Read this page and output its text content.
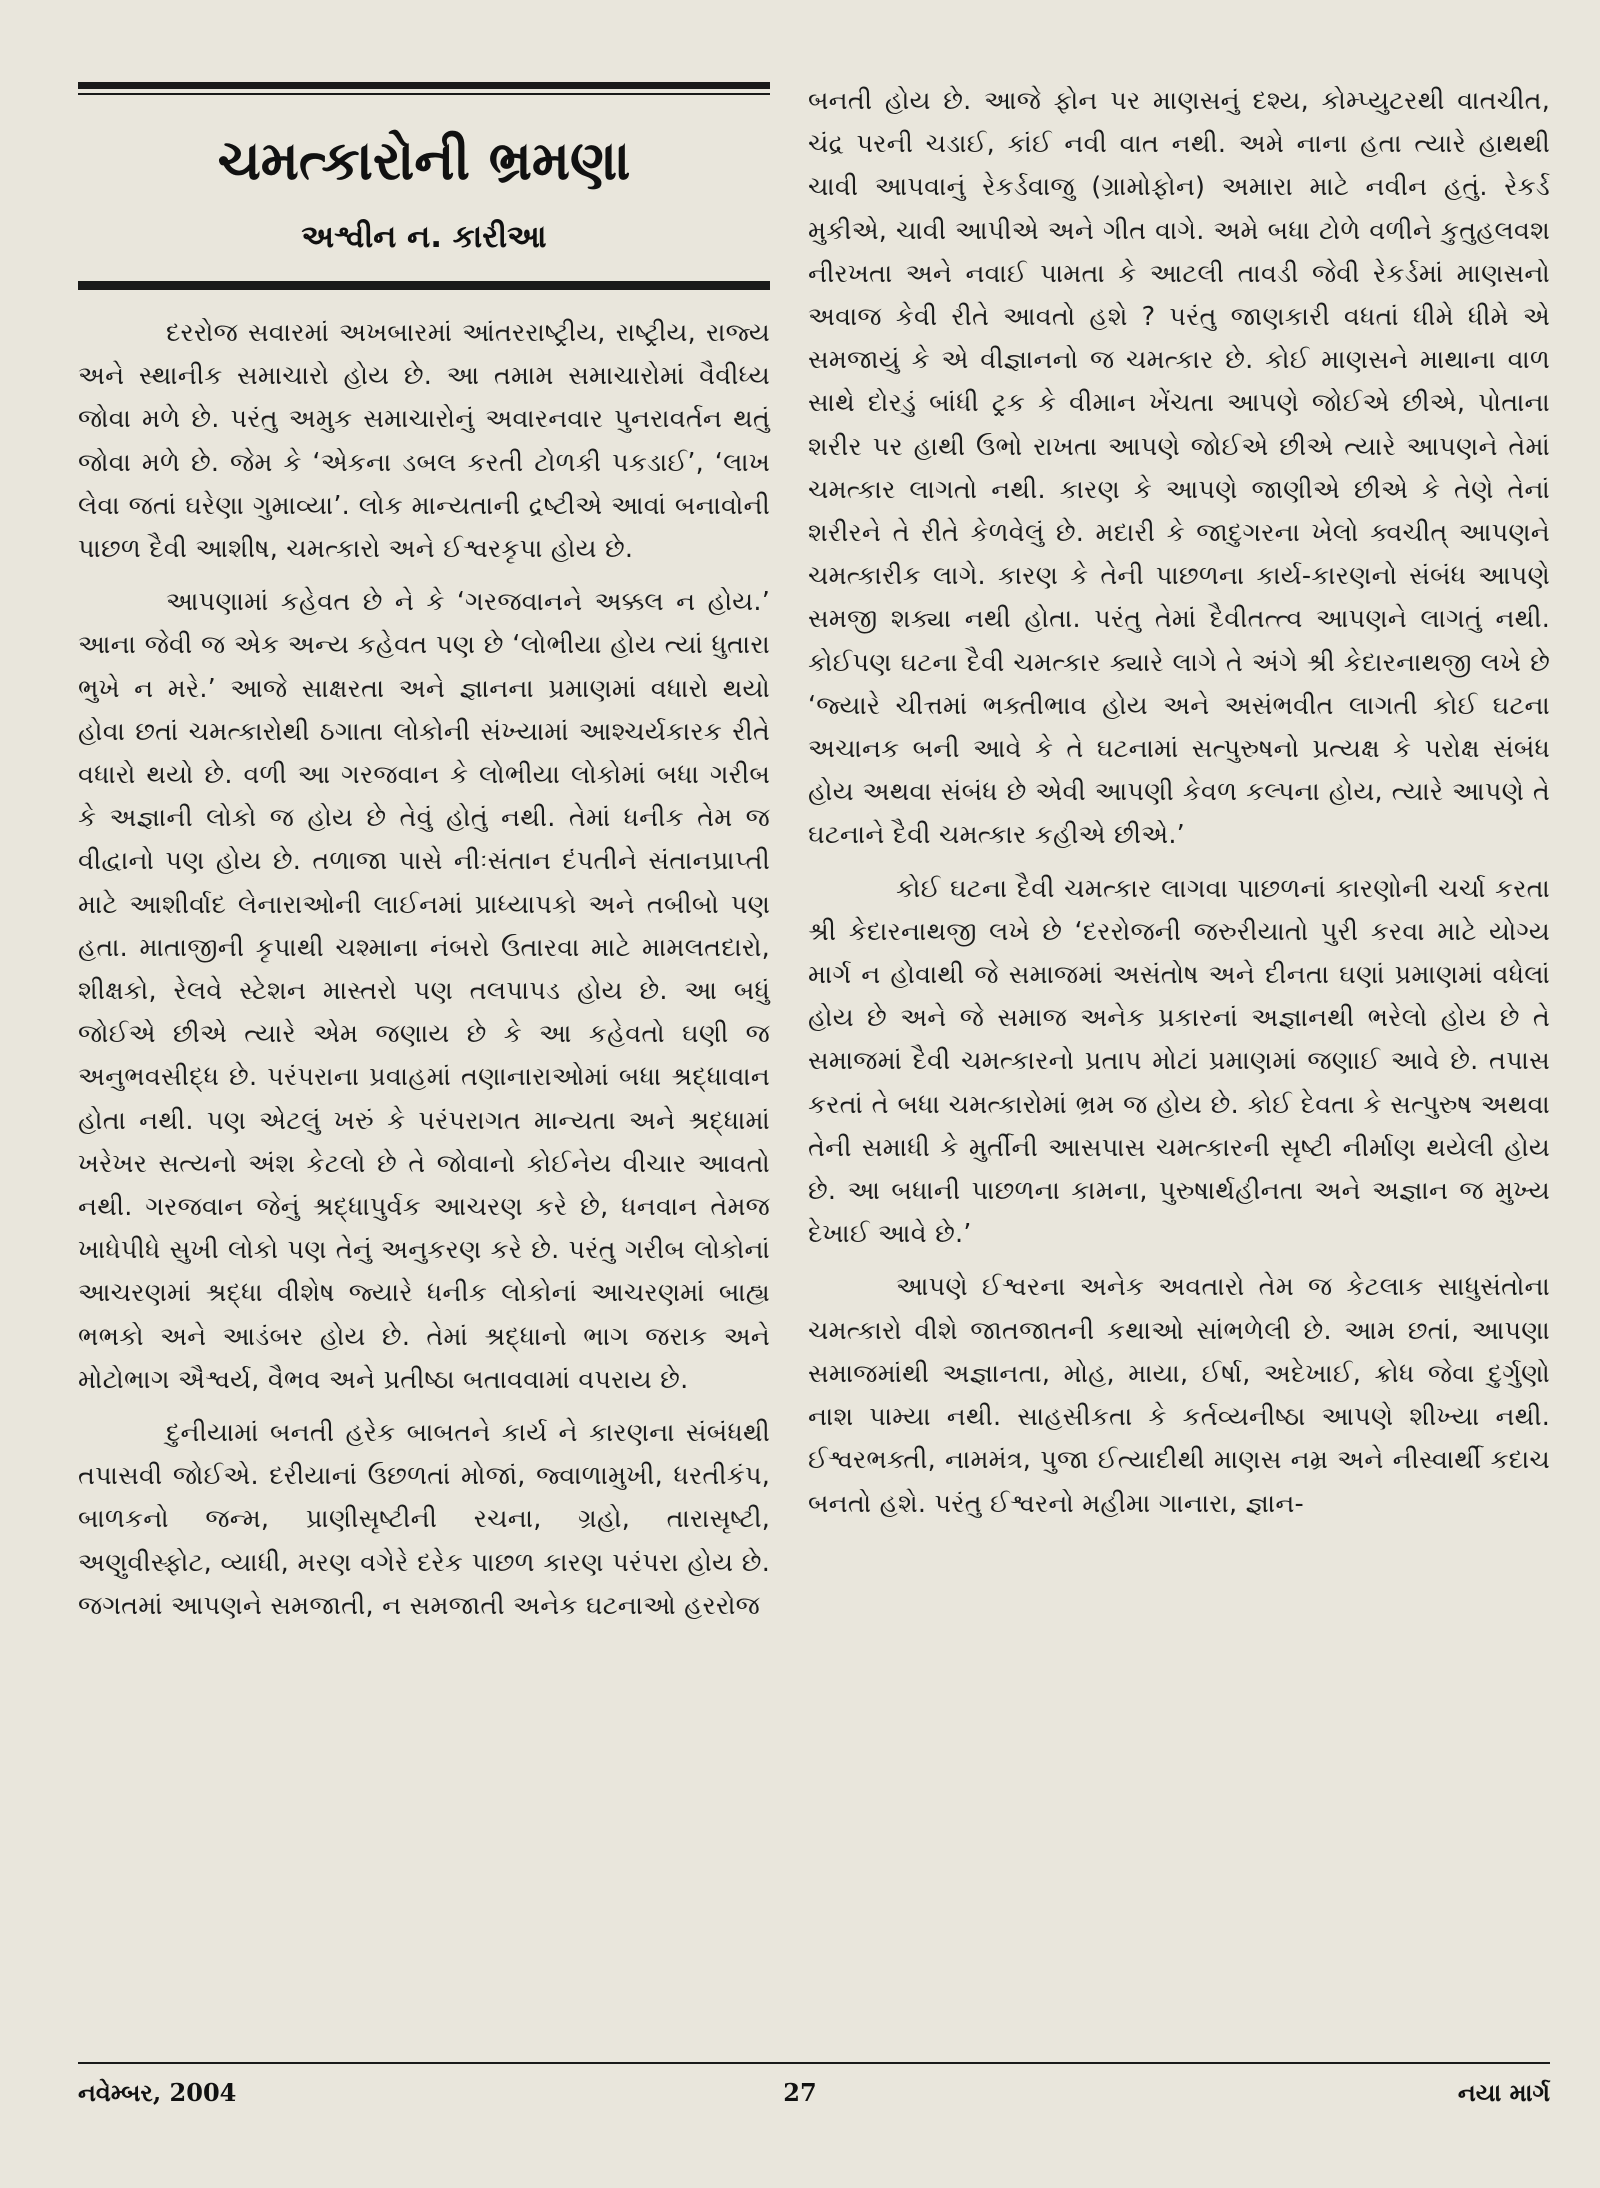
ચમત્કારોની ભ્રમણા
અશ્વીન ન. કારીઆ

દરરોજ સવારમાં અખબારમાં આંતરરાષ્ટ્રીય, રાષ્ટ્રીય, રાજ્ય અને સ્થાનીક સમાચારો હોય છે. આ તમામ સમાચારોમાં વૈવીધ્ય જોવા મળે છે. પરંતુ અમુક સમાચારોનું અવારનવાર પુનરાવર્તન થતું જોવા મળે છે. જેમ કે ‘એકના ડબલ કરતી ટોળકી પકડાઈ’, ‘લાખ લેવા જતાં ઘરેણા ગુમાવ્યા’. લોક માન્યતાની દ્રષ્ટીએ આવાં બનાવોની પાછળ દૈવી આશીષ, ચમત્કારો અને ઈશ્વરકૃપા હોય છે.

આપણામાં કહેવત છે ને કે ‘ગરજવાનને અક્કલ ન હોય.’ આના જેવી જ એક અન્ય કહેવત પણ છે ‘લોભીયા હોય ત્યાં ધુતારા ભુખે ન મરે.’ આજે સાક્ષરતા અને જ્ઞાનના પ્રમાણમાં વધારો થયો હોવા છતાં ચમત્કારોથી ઠગાતા લોકોની સંખ્યામાં આશ્ચર્યકારક રીતે વધારો થયો છે. વળી આ ગરજવાન કે લોભીયા લોકોમાં બધા ગરીબ કે અજ્ઞાની લોકો જ હોય છે તેવું હોતું નથી. તેમાં ધનીક તેમ જ વીદ્વાનો પણ હોય છે. તળાજા પાસે નીઃસંતાન દંપતીને સંતાનપ્રાપ્તી માટે આશીર્વાદ લેનારાઓની લાઈનમાં પ્રાધ્યાપકો અને તબીબો પણ હતા. માતાજીની કૃપાથી ચશ્માના નંબરો ઉતારવા માટે મામલતદારો, શીક્ષકો, રેલવે સ્ટેશન માસ્તરો પણ તલપાપડ હોય છે. આ બધું જોઈએ છીએ ત્યારે એમ જણાય છે કે આ કહેવતો ઘણી જ અનુભવસીદ્ધ છે. પરંપરાના પ્રવાહમાં તણાનારાઓમાં બધા શ્રદ્ધાવાન હોતા નથી. પણ એટલું ખરું કે પરંપરાગત માન્યતા અને શ્રદ્ધામાં ખરેખર સત્યનો અંશ કેટલો છે તે જોવાનો કોઈનેય વીચાર આવતો નથી. ગરજવાન જેનું શ્રદ્ધાપુર્વક આચરણ કરે છે, ધનવાન તેમજ ખાધેપીધે સુખી લોકો પણ તેનું અનુકરણ કરે છે. પરંતુ ગરીબ લોકોનાં આચરણમાં શ્રદ્ધા વીશેષ જ્યારે ધનીક લોકોનાં આચરણમાં બાહ્ય ભભકો અને આડંબર હોય છે. તેમાં શ્રદ્ધાનો ભાગ જરાક અને મોટોભાગ ઐશ્વર્ય, વૈભવ અને પ્રતીષ્ઠા બતાવવામાં વપરાય છે.

દુનીયામાં બનતી હરેક બાબતને કાર્ય ને કારણના સંબંધથી તપાસવી જોઈએ. દરીયાનાં ઉછળતાં મોજાં, જ્વાળામુખી, ધરતીકંપ, બાળકનો જન્મ, પ્રાણીસૃષ્ટીની રચના, ગ્રહો, તારાસૃષ્ટી, અણુવીસ્ફોટ, વ્યાધી, મરણ વગેરે દરેક પાછળ કારણ પરંપરા હોય છે. જગતમાં આપણને સમજાતી, ન સમજાતી અનેક ઘટનાઓ હરરોજ

બનતી હોય છે. આજે ફોન પર માણસનું દશ્ય, કોમ્પ્યુટરથી વાતચીત, ચંદ્ર પરની ચડાઈ, કાંઈ નવી વાત નથી. અમે નાના હતા ત્યારે હાથથી ચાવી આપવાનું રેકર્ડવાજુ (ગ્રામોફોન) અમારા માટે નવીન હતું. રેકર્ડ મુકીએ, ચાવી આપીએ અને ગીત વાગે. અમે બધા ટોળે વળીને કુતુહલવશ નીરખતા અને નવાઈ પામતા કે આટલી તાવડી જેવી રેકર્ડમાં માણસનો અવાજ કેવી રીતે આવતો હશે ? પરંતુ જાણકારી વધતાં ધીમે ધીમે એ સમજાયું કે એ વીજ્ઞાનનો જ ચમત્કાર છે. કોઈ માણસને માથાના વાળ સાથે દોરડું બાંધી ટ્રક કે વીમાન ખેંચતા આપણે જોઈએ છીએ, પોતાના શરીર પર હાથી ઉભો રાખતા આપણે જોઈએ છીએ ત્યારે આપણને તેમાં ચમત્કાર લાગતો નથી. કારણ કે આપણે જાણીએ છીએ કે તેણે તેનાં શરીરને તે રીતે કેળવેલું છે. મદારી કે જાદુગરના ખેલો ક્વચીત્ આપણને ચમત્કારીક લાગે. કારણ કે તેની પાછળના કાર્ય-કારણનો સંબંધ આપણે સમજી શક્યા નથી હોતા. પરંતુ તેમાં દૈવીતત્ત્વ આપણને લાગતું નથી. કોઈપણ ઘટના દૈવી ચમત્કાર ક્યારે લાગે તે અંગે શ્રી કેદારનાથજી લખે છે ‘જ્યારે ચીત્તમાં ભક્તીભાવ હોય અને અસંભવીત લાગતી કોઈ ઘટના અચાનક બની આવે કે તે ઘટનામાં સત્પુરુષનો પ્રત્યક્ષ કે પરોક્ષ સંબંધ હોય અથવા સંબંધ છે એવી આપણી કેવળ કલ્પના હોય, ત્યારે આપણે તે ઘટનાને દૈવી ચમત્કાર કહીએ છીએ.’

કોઈ ઘટના દૈવી ચમત્કાર લાગવા પાછળનાં કારણોની ચર્ચા કરતા શ્રી કેદારનાથજી લખે છે ‘દરરોજની જરુરીયાતો પુરી કરવા માટે યોગ્ય માર્ગ ન હોવાથી જે સમાજમાં અસંતોષ અને દીનતા ઘણાં પ્રમાણમાં વધેલાં હોય છે અને જે સમાજ અનેક પ્રકારનાં અજ્ઞાનથી ભરેલો હોય છે તે સમાજમાં દૈવી ચમત્કારનો પ્રતાપ મોટાં પ્રમાણમાં જણાઈ આવે છે. તપાસ કરતાં તે બધા ચમત્કારોમાં ભ્રમ જ હોય છે. કોઈ દેવતા કે સત્પુરુષ અથવા તેની સમાધી કે મુર્તીની આસપાસ ચમત્કારની સૃષ્ટી નીર્માણ થયેલી હોય છે. આ બધાની પાછળના કામના, પુરુષાર્થહીનતા અને અજ્ઞાન જ મુખ્ય દેખાઈ આવે છે.’

આપણે ઈશ્વરના અનેક અવતારો તેમ જ કેટલાક સાધુસંતોના ચમત્કારો વીશે જાતજાતની કથાઓ સાંભળેલી છે. આમ છતાં, આપણા સમાજમાંથી અજ્ઞાનતા, મોહ, માયા, ઈર્ષા, અદેખાઈ, ક્રોધ જેવા દુર્ગુણો નાશ પામ્યા નથી. સાહસીકતા કે કર્તવ્યનીષ્ઠા આપણે શીખ્યા નથી. ઈશ્વરભક્તી, નામમંત્ર, પુજા ઈત્યાદીથી માણસ નમ્ર અને નીસ્વાર્થી કદાચ બનતો હશે. પરંતુ ઈશ્વરનો મહીમા ગાનારા, જ્ઞાન-

નવેમ્બર, 2004	27	નયા માર્ગ
